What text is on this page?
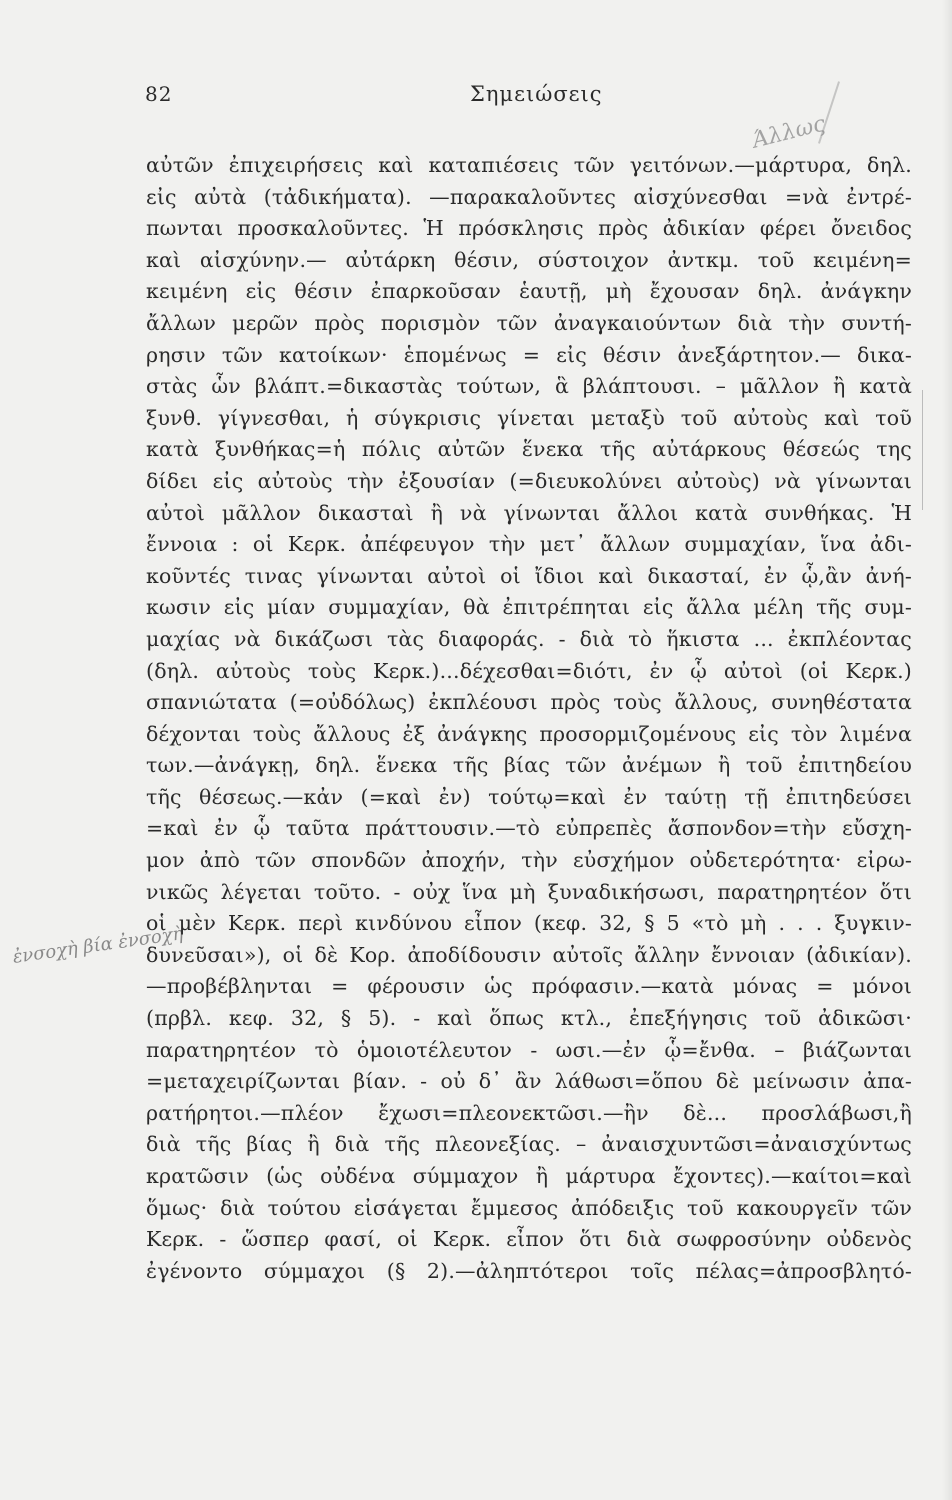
82	Σημειώσεις
Άλλως
ἐνσοχὴ βία ἐνσοχὴ
αὐτῶν ἐπιχειρήσεις καὶ καταπιέσεις τῶν γειτόνων.—μάρτυρα, δηλ.
εἰς αὐτὰ (τἀδικήματα). —παρακαλοῦντες αἰσχύνεσθαι =νὰ ἐντρέ-
πωνται προσκαλοῦντες. Ἡ πρόσκλησις πρὸς ἀδικίαν φέρει ὄνειδος
καὶ αἰσχύνην.— αὐτάρκη θέσιν, σύστοιχον ἀντκμ. τοῦ κειμένη=
κειμένη εἰς θέσιν ἐπαρκοῦσαν ἑαυτῇ, μὴ ἔχουσαν δηλ. ἀνάγκην
ἄλλων μερῶν πρὸς πορισμὸν τῶν ἀναγκαιούντων διὰ τὴν συντή-
ρησιν τῶν κατοίκων· ἑπομένως = εἰς θέσιν ἀνεξάρτητον.— δικα-
στὰς ὧν βλάπτ.=δικαστὰς τούτων, ἃ βλάπτουσι. – μᾶλλον ἢ κατὰ
ξυνθ. γίγνεσθαι, ἡ σύγκρισις γίνεται μεταξὺ τοῦ αὐτοὺς καὶ τοῦ
κατὰ ξυνθήκας=ἡ πόλις αὐτῶν ἕνεκα τῆς αὐτάρκους θέσεώς της
δίδει εἰς αὐτοὺς τὴν ἐξουσίαν (=διευκολύνει αὐτοὺς) νὰ γίνωνται
αὐτοὶ μᾶλλον δικασταὶ ἢ νὰ γίνωνται ἄλλοι κατὰ συνθήκας. Ἡ
ἔννοια : οἱ Κερκ. ἀπέφευγον τὴν μετ᾽ ἄλλων συμμαχίαν, ἵνα ἀδι-
κοῦντές τινας γίνωνται αὐτοὶ οἱ ἴδιοι καὶ δικασταί, ἐν ᾧ,ἂν ἀνή-
κωσιν εἰς μίαν συμμαχίαν, θὰ ἐπιτρέπηται εἰς ἄλλα μέλη τῆς συμ-
μαχίας νὰ δικάζωσι τὰς διαφοράς. - διὰ τὸ ἥκιστα ... ἐκπλέοντας
(δηλ. αὐτοὺς τοὺς Κερκ.)...δέχεσθαι=διότι, ἐν ᾧ αὐτοὶ (οἱ Κερκ.)
σπανιώτατα (=οὐδόλως) ἐκπλέουσι πρὸς τοὺς ἄλλους, συνηθέστατα
δέχονται τοὺς ἄλλους ἐξ ἀνάγκης προσορμιζομένους εἰς τὸν λιμένα
των.—ἀνάγκῃ, δηλ. ἕνεκα τῆς βίας τῶν ἀνέμων ἢ τοῦ ἐπιτηδείου
τῆς θέσεως.—κἀν (=καὶ ἐν) τούτῳ=καὶ ἐν ταύτῃ τῇ ἐπιτηδεύσει
=καὶ ἐν ᾧ ταῦτα πράττουσιν.—τὸ εὐπρεπὲς ἄσπονδον=τὴν εὔσχη-
μον ἀπὸ τῶν σπονδῶν ἀποχήν, τὴν εὐσχήμον οὐδετερότητα· εἰρω-
νικῶς λέγεται τοῦτο. - οὐχ ἵνα μὴ ξυναδικήσωσι, παρατηρητέον ὅτι
οἱ μὲν Κερκ. περὶ κινδύνου εἶπον (κεφ. 32, § 5 «τὸ μὴ . . . ξυγκιν-
δυνεῦσαι»), οἱ δὲ Κορ. ἀποδίδουσιν αὐτοῖς ἄλλην ἔννοιαν (ἀδικίαν).
—προβέβληνται = φέρουσιν ὡς πρόφασιν.—κατὰ μόνας = μόνοι
(πρβλ. κεφ. 32, § 5). - καὶ ὅπως κτλ., ἐπεξήγησις τοῦ ἀδικῶσι·
παρατηρητέον τὸ ὁμοιοτέλευτον - ωσι.—ἐν ᾧ=ἔνθα. – βιάζωνται
=μεταχειρίζωνται βίαν. - οὐ δ᾽ ἂν λάθωσι=ὅπου δὲ μείνωσιν ἀπα-
ρατήρητοι.—πλέον ἔχωσι=πλεονεκτῶσι.—ἢν δὲ... προσλάβωσι,ἢ
διὰ τῆς βίας ἢ διὰ τῆς πλεονεξίας. – ἀναισχυντῶσι=ἀναισχύντως
κρατῶσιν (ὡς οὐδένα σύμμαχον ἢ μάρτυρα ἔχοντες).—καίτοι=καὶ
ὅμως· διὰ τούτου εἰσάγεται ἔμμεσος ἀπόδειξις τοῦ κακουργεῖν τῶν
Κερκ. - ὥσπερ φασί, οἱ Κερκ. εἶπον ὅτι διὰ σωφροσύνην οὐδενὸς
ἐγένοντο σύμμαχοι (§ 2).—ἀληπτότεροι τοῖς πέλας=ἀπροσβλητό-
